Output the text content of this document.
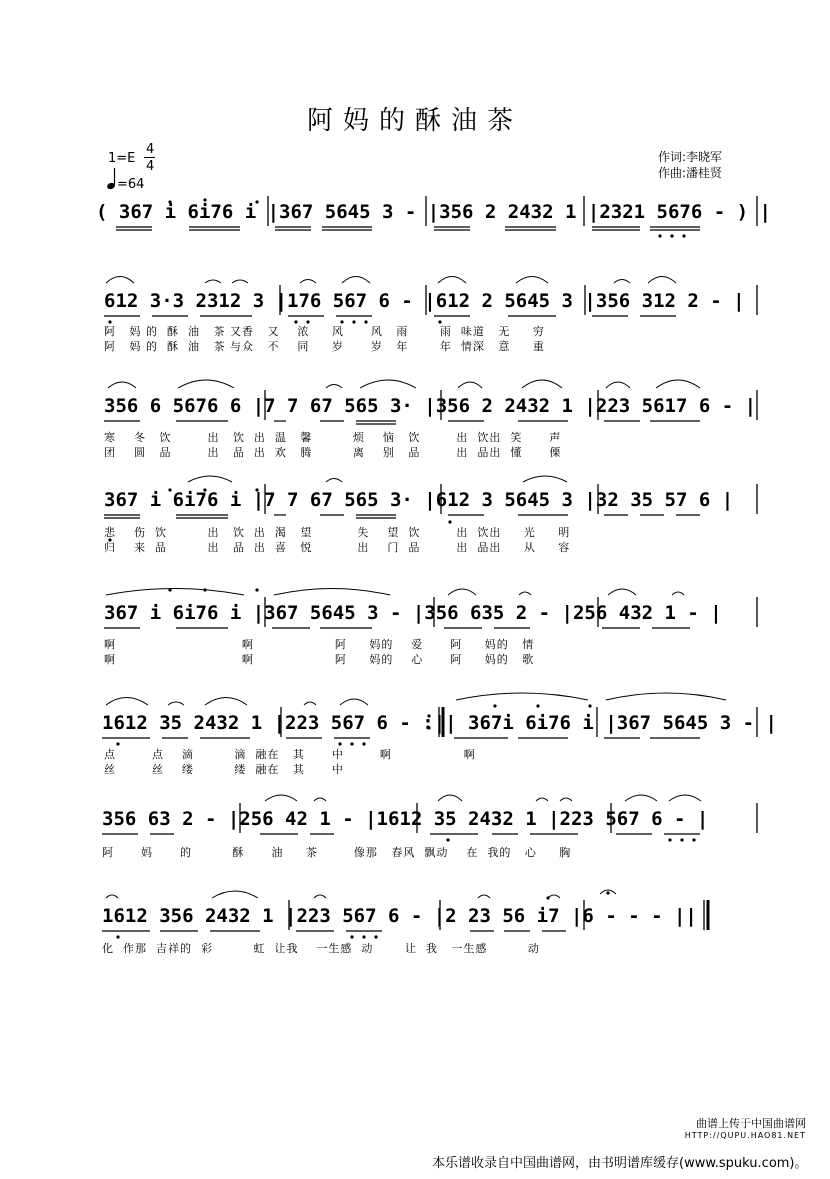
阿妈的酥油茶
1=E
4
4
=64
作词:李晓军
作曲:潘桂贤
( 367 i 6i76 i |367 5645 3 - |356 2 2432 1 |2321 5676 - ) |
612 3·3 2312 3 |176 567 6 - |612 2 5645 3 |356 312 2 - |
阿   妈 的  酥  油   茶 又香   又    浓     风      风   雨       雨  味道   无     穷
阿   妈 的  酥  油   茶 与众   不    同     岁      岁   年       年  情深   意     重
356 6 5676 6 |7 7 67 565 3· |356 2 2432 1 |223 5617 6 - |
寒    冬   饮        出   饮  出  温   馨         烦    恼   饮        出  饮出  笑      声
团    圆   品        出   品  出  欢   腾         离    别   品        出  品出  懂      傈
367 i 6i76 i |7 7 67 565 3· |612 3 5645 3 |32 35 57 6 |
悲    伤  饮         出   饮  出  渴   望          失    望  饮        出  饮出     光     明
归    来  品         出   品  出  喜   悦          出    门  品        出  品出     从     容
367 i 6i76 i |367 5645 3 - |356 635 2 - |256 432 1 - |
啊                            啊                  阿     妈的    爱      阿     妈的   情
啊                            啊                  阿     妈的    心      阿     妈的   歌
1612 35 2432 1 |223 567 6 - :|| 367i 6i76 i |367 5645 3 - |
点        点    滴         滴  融在   其      中        啊                啊
丝        丝    缕         缕  融在   其      中
356 63 2 - |256 42 1 - |1612 35 2432 1 |223 567 6 - |
阿      妈      的         酥      油     茶        像那   春风  飘动    在  我的   心     胸
1612 356 2432 1 |223 567 6 - |2 23 56 i7 |6 - - - ||
化  作那  吉祥的  彩         虹  让我    一生感  动       让  我   一生感         动
曲谱上传于中国曲谱网
HTTP://QUPU.HAO81.NET
本乐谱收录自中国曲谱网，由书明谱库缓存(www.spuku.com)。
